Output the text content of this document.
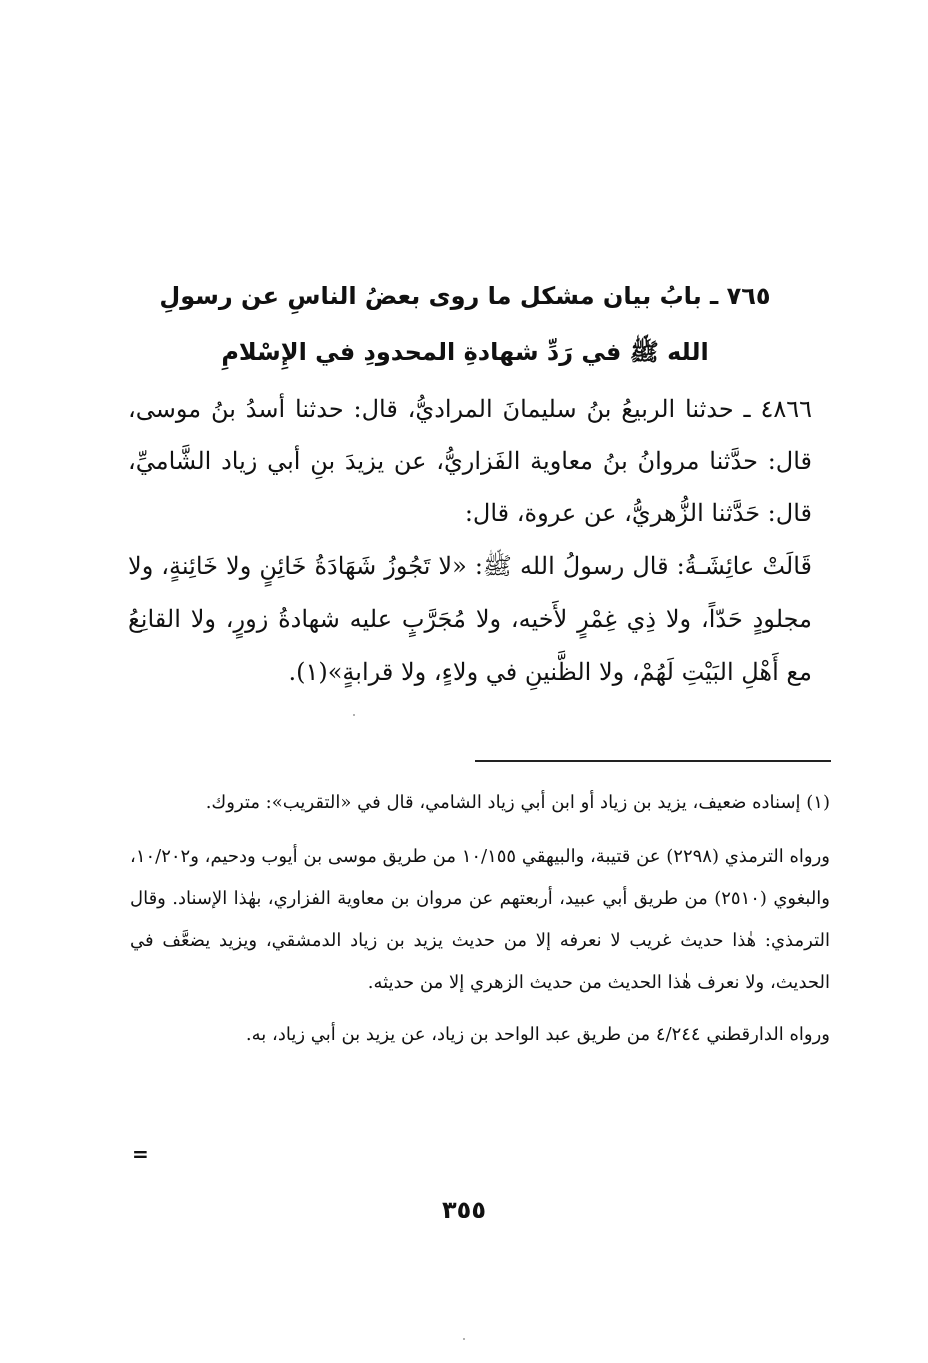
٧٦٥ ـ بابُ بيان مشكل ما روى بعضُ الناسِ عن رسولِ
الله ﷺ في رَدِّ شهادةِ المحدودِ في الإِسْلامِ

٤٨٦٦ ـ حدثنا الربيعُ بنُ سليمانَ المراديُّ، قال: حدثنا أسدُ بنُ موسى، قال: حدَّثنا مروانُ بنُ معاوية الفَزاريُّ، عن يزيدَ بنِ أبي زياد الشَّاميِّ، قال: حَدَّثنا الزُّهريُّ، عن عروة، قال:

قَالَتْ عائِشَـةُ: قال رسولُ الله ﷺ: «لا تَجُوزُ شَهَادَةُ خَائِنٍ ولا خَائِنةٍ، ولا مجلودٍ حَدّاً، ولا ذِي غِمْرٍ لأَخيه، ولا مُجَرَّبٍ عليه شهادةُ زورٍ، ولا القانِعُ مع أَهْلِ البَيْتِ لَهُمْ، ولا الظَّنينِ في ولاءٍ، ولا قرابةٍ»(١).

(١) إسناده ضعيف، يزيد بن زياد أو ابن أبي زياد الشامي، قال في «التقريب»: متروك.

ورواه الترمذي (٢٢٩٨) عن قتيبة، والبيهقي ١٠/١٥٥ من طريق موسى بن أيوب ودحيم، و١٠/٢٠٢، والبغوي (٢٥١٠) من طريق أبي عبيد، أربعتهم عن مروان بن معاوية الفزاري، بهٰذا الإسناد. وقال الترمذي: هٰذا حديث غريب لا نعرفه إلا من حديث يزيد بن زياد الدمشقي، ويزيد يضعَّف في الحديث، ولا نعرف هٰذا الحديث من حديث الزهري إلا من حديثه.

ورواه الدارقطني ٤/٢٤٤ من طريق عبد الواحد بن زياد، عن يزيد بن أبي زياد، به.

=
٣٥٥
